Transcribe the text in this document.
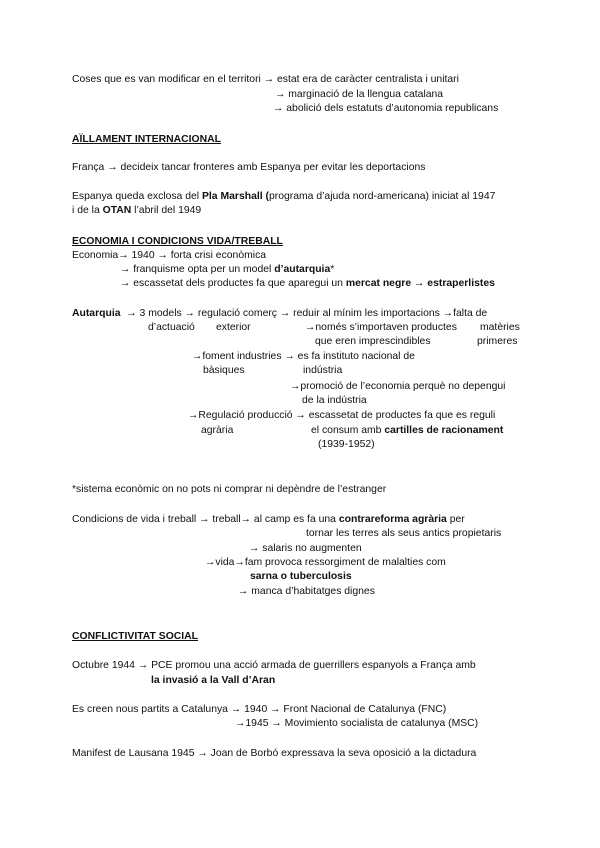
Coses que es van modificar en el territori → estat era de caràcter centralista i unitari
→ marginació de la llengua catalana
→ abolició dels estatuts d’autonomia republicans
AÏLLAMENT INTERNACIONAL
França → decideix tancar fronteres amb Espanya per evitar les deportacions
Espanya queda exclosa del Pla Marshall (programa d’ajuda nord-americana) iniciat al 1947
i de la OTAN l’abril del 1949
ECONOMIA I CONDICIONS VIDA/TREBALL
Economia→ 1940 → forta crisi econòmica
→ franquisme opta per un model d’autarquia*
→ escassetat dels productes fa que aparegui un mercat negre → estraperlistes
Autarquia → 3 models → regulació comerç → reduir al mínim les importacions →falta de
d’actuació exterior	→només s’importaven productes matèries
que eren imprescindibles	primeres
→foment industries → es fa instituto nacional de
bàsiques	indústria
→promoció de l’economia perquè no depengui
de la indústria
→Regulació producció → escassetat de productes fa que es reguli
agrària	el consum amb cartilles de racionament
(1939-1952)
*sistema econòmic on no pots ni comprar ni depèndre de l’estranger
Condicions de vida i treball → treball→ al camp es fa una contrareforma agrària per
tornar les terres als seus antics propietaris
→ salaris no augmenten
→vida→fam provoca ressorgiment de malalties com
sarna o tuberculosis
→ manca d’habitatges dignes
CONFLICTIVITAT SOCIAL
Octubre 1944 → PCE promou una acció armada de guerrillers espanyols a França amb
la invasió a la Vall d’Aran
Es creen nous partits a Catalunya → 1940 → Front Nacional de Catalunya (FNC)
→1945 → Movimiento socialista de catalunya (MSC)
Manifest de Lausana 1945 → Joan de Borbó expressava la seva oposició a la dictadura
